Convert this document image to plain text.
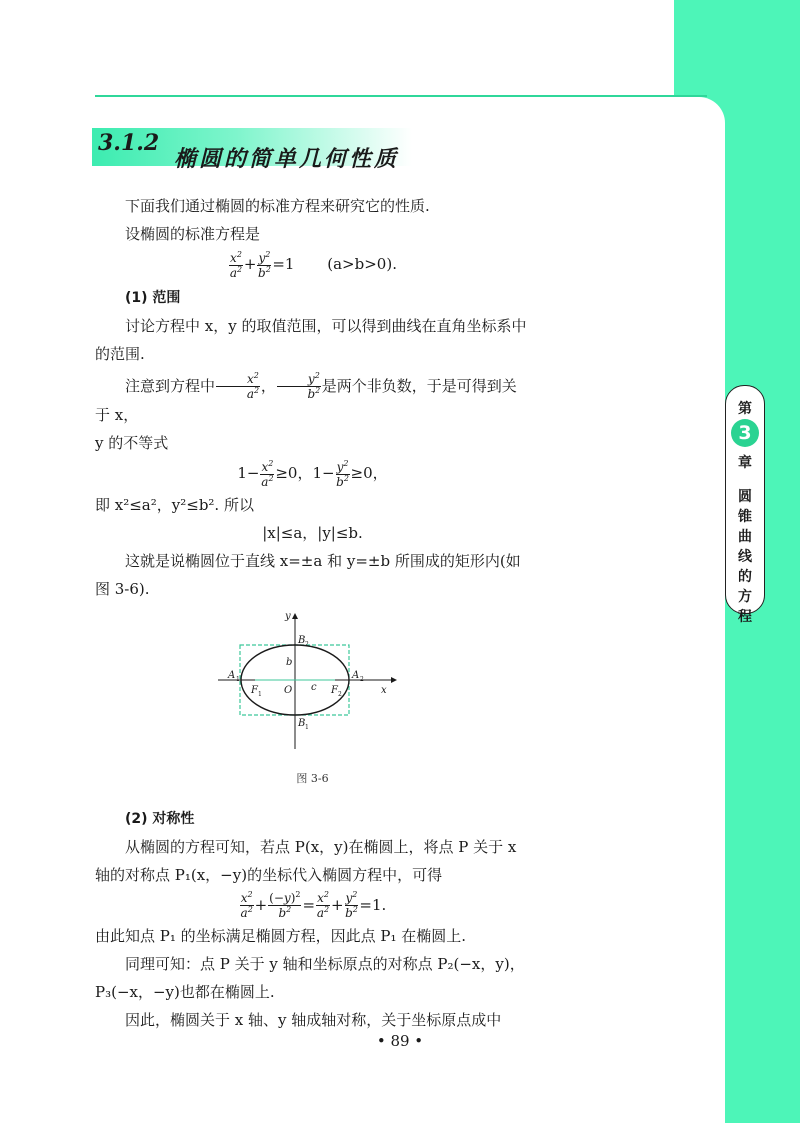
3.1.2
椭圆的简单几何性质

下面我们通过椭圆的标准方程来研究它的性质.

设椭圆的标准方程是

$\frac{x^2}{a^2} + \frac{y^2}{b^2} =1$ (a>b>0).

(1) 范围

讨论方程中 x，y 的取值范围，可以得到曲线在直角坐标系中的范围.

注意到方程中 $\frac{x^2}{a^2}$ ， $\frac{y^2}{b^2}$ 是两个非负数，于是可得到关于 x，

y 的不等式

$1- \frac{x^2}{a^2} \ge 0$，$1- \frac{y^2}{b^2} \ge 0$，

即 x²≤a²，y²≤b². 所以

|x|≤a，|y|≤b.

这就是说椭圆位于直线 x=±a 和 y=±b 所围成的矩形内(如图 3-6).

y
x
O
b
c
A 1	A 2
B 2
B 1
F 1	F 2

图 3-6

(2) 对称性

从椭圆的方程可知，若点 P(x，y)在椭圆上，将点 P 关于 x 轴的对称点 P₁(x，−y)的坐标代入椭圆方程中，可得

$\frac{x^2}{a^2} + \frac{(-y)^2}{b^2} = \frac{x^2}{a^2} + \frac{y^2}{b^2} =1$.

由此知点 P₁ 的坐标满足椭圆方程，因此点 P₁ 在椭圆上.

同理可知：点 P 关于 y 轴和坐标原点的对称点 P₂(−x，y)，P₃(−x，−y)也都在椭圆上.

因此，椭圆关于 x 轴、y 轴成轴对称，关于坐标原点成中

第
3
章
圆锥曲线的方程
• 89 •
